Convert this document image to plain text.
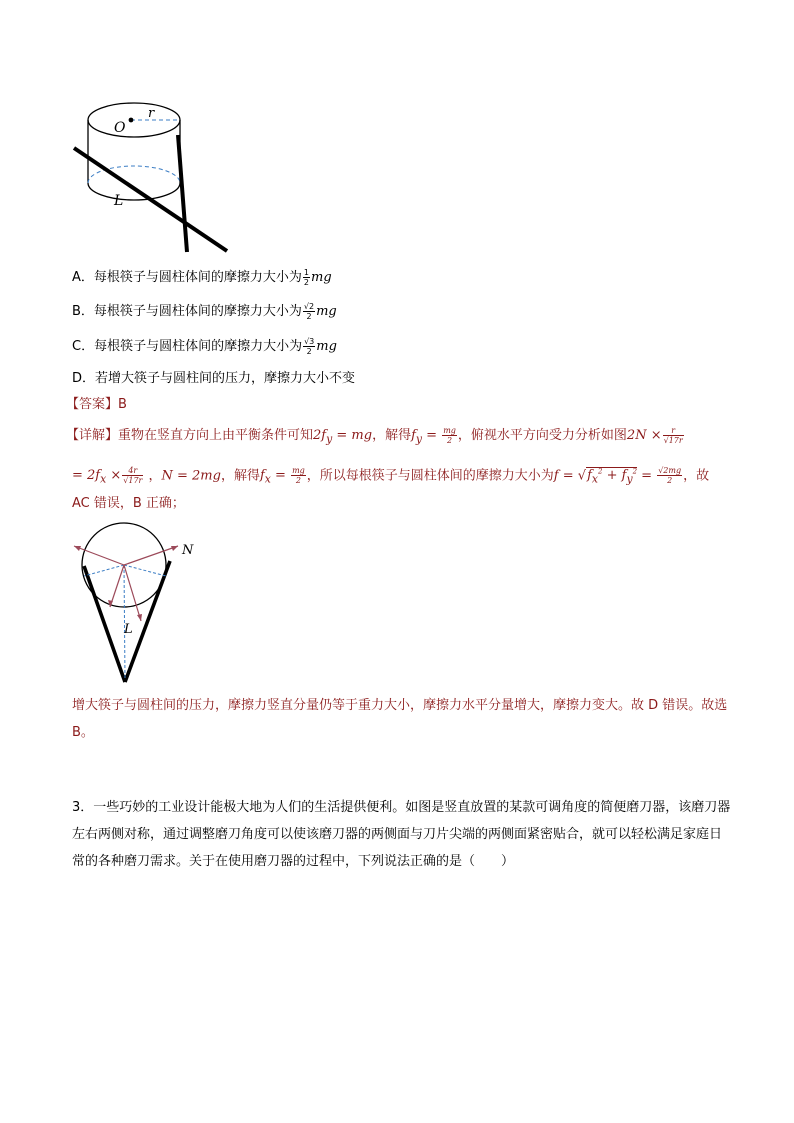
O
r
L
A．每根筷子与圆柱体间的摩擦力大小为 $\frac{1}{2}$ mg
B．每根筷子与圆柱体间的摩擦力大小为 $\frac{√2}{2}$ mg
C．每根筷子与圆柱体间的摩擦力大小为 $\frac{√3}{2}$ mg
D．若增大筷子与圆柱间的压力，摩擦力大小不变
【答案】B
【详解】重物在竖直方向上由平衡条件可知$2f_y$ = mg，解得$f_y = \frac{mg}{2}$ ，俯视水平方向受力分析如图$2N \times \frac{r}{√17r}$
= $2f_x \times \frac{4r}{√17r}$ ，N = 2mg，解得$f_x = \frac{mg}{2}$ ，所以每根筷子与圆柱体间的摩擦力大小为$f = √f_x^2 + f_y^2 = \frac{√2mg}{2}$ ，故
AC 错误，B 正确；
N
L
增大筷子与圆柱间的压力，摩擦力竖直分量仍等于重力大小，摩擦力水平分量增大，摩擦力变大。故 D 错误。故选 B。
3．一些巧妙的工业设计能极大地为人们的生活提供便利。如图是竖直放置的某款可调角度的简便磨刀器，该磨刀器左右两侧对称，通过调整磨刀角度可以使该磨刀器的两侧面与刀片尖端的两侧面紧密贴合，就可以轻松满足家庭日常的各种磨刀需求。关于在使用磨刀器的过程中，下列说法正确的是（　　）
